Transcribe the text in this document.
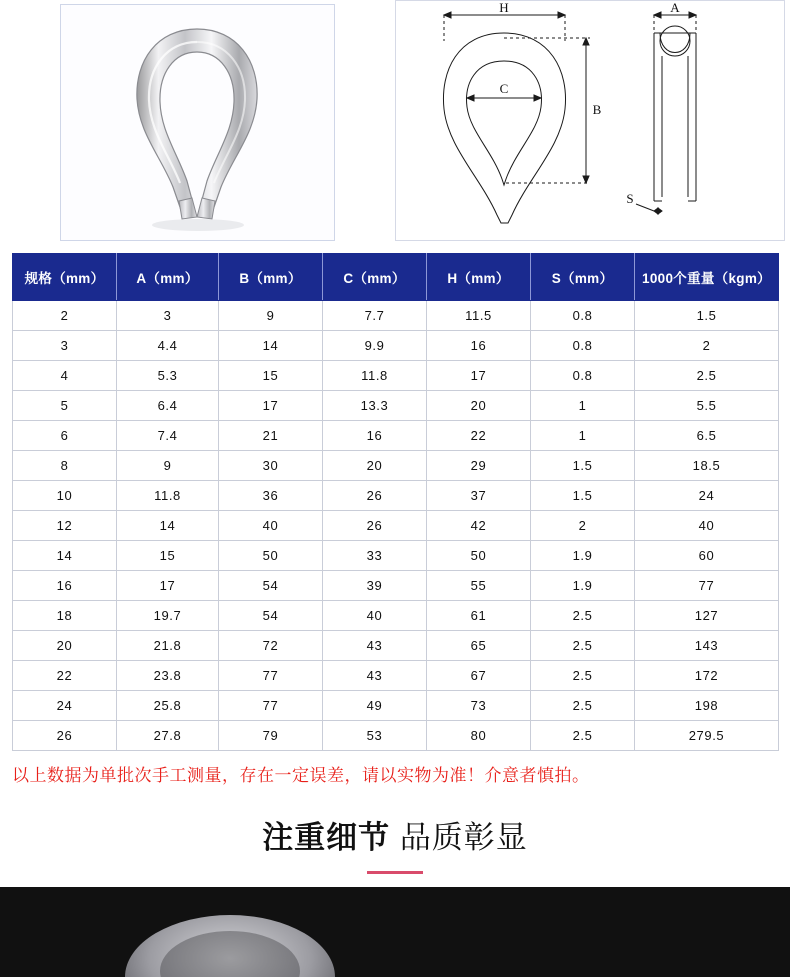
H
C
B
A
S
规格（mm）	A（mm）	B（mm）	C（mm）	H（mm）	S（mm）	1000个重量（kgm）
2	3	9	7.7	11.5	0.8	1.5
3	4.4	14	9.9	16	0.8	2
4	5.3	15	11.8	17	0.8	2.5
5	6.4	17	13.3	20	1	5.5
6	7.4	21	16	22	1	6.5
8	9	30	20	29	1.5	18.5
10	11.8	36	26	37	1.5	24
12	14	40	26	42	2	40
14	15	50	33	50	1.9	60
16	17	54	39	55	1.9	77
18	19.7	54	40	61	2.5	127
20	21.8	72	43	65	2.5	143
22	23.8	77	43	67	2.5	172
24	25.8	77	49	73	2.5	198
26	27.8	79	53	80	2.5	279.5
以上数据为单批次手工测量，存在一定误差，请以实物为准！介意者慎拍。
注重细节 品质彰显
